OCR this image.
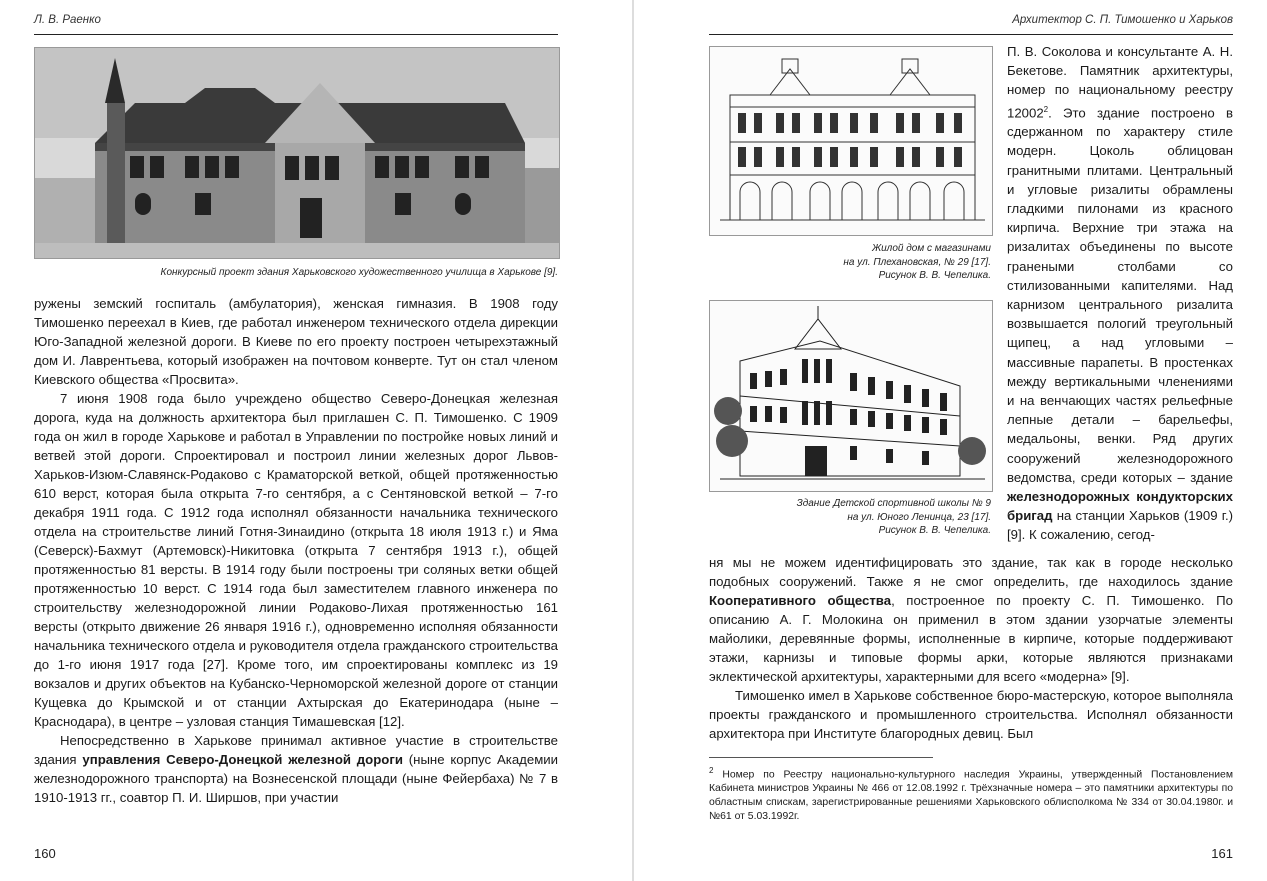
Л. В. Раенко
Конкурсный проект здания Харьковского художественного училища в Харькове [9].

ружены земский госпиталь (амбулатория), женская гимназия. В 1908 году Тимошенко переехал в Киев, где работал инженером технического отдела дирекции Юго-Западной железной дороги. В Киеве по его проекту построен четырехэтажный дом И. Лаврентьева, который изображен на почтовом конверте. Тут он стал членом Киевского общества «Просвита».

7 июня 1908 года было учреждено общество Северо-Донецкая железная дорога, куда на должность архитектора был приглашен С. П. Тимошенко. С 1909 года он жил в городе Харькове и работал в Управлении по постройке новых линий и ветвей этой дороги. Спроектировал и построил линии железных дорог Львов-Харьков-Изюм-Славянск-Родаково с Краматорской веткой, общей протяженностью 610 верст, которая была открыта 7-го сентября, а с Сентяновской веткой – 7-го декабря 1911 года. С 1912 года исполнял обязанности начальника технического отдела на строительстве линий Готня-Зинаидино (открыта 18 июля 1913 г.) и Яма (Северск)-Бахмут (Артемовск)-Никитовка (открыта 7 сентября 1913 г.), общей протяженностью 81 версты. В 1914 году были построены три соляных ветки общей протяженностью 10 верст. С 1914 года был заместителем главного инженера по строительству железнодорожной линии Родаково-Лихая протяженностью 161 версты (открыто движение 26 января 1916 г.), одновременно исполняя обязанности начальника технического отдела и руководителя отдела гражданского строительства до 1-го июня 1917 года [27]. Кроме того, им спроектированы комплекс из 19 вокзалов и других объектов на Кубанско-Черноморской железной дороге от станции Кущевка до Крымской и от станции Ахтырская до Екатеринодара (ныне – Краснодара), в центре – узловая станция Тимашевская [12].

Непосредственно в Харькове принимал активное участие в строительстве здания управления Северо-Донецкой железной дороги (ныне корпус Академии железнодорожного транспорта) на Вознесенской площади (ныне Фейербаха) № 7 в 1910-1913 гг., соавтор П. И. Ширшов, при участии

160
Архитектор С. П. Тимошенко и Харьков
Жилой дом с магазинами
на ул. Плехановская, № 29 [17].
Рисунок В. В. Чепелика.
Здание Детской спортивной школы № 9
на ул. Юного Ленинца, 23 [17].
Рисунок В. В. Чепелика.

П. В. Соколова и консультанте А. Н. Бекетове. Памятник архитектуры, номер по национальному реестру 12002$^2$. Это здание построено в сдержанном по характеру стиле модерн. Цоколь облицован гранитными плитами. Центральный и угловые ризалиты обрамлены гладкими пилонами из красного кирпича. Верхние три этажа на ризалитах объединены по высоте гранеными столбами со стилизованными капителями. Над карнизом центрального ризалита возвышается пологий треугольный щипец, а над угловыми – массивные парапеты. В простенках между вертикальными членениями и на венчающих частях рельефные лепные детали – барельефы, медальоны, венки. Ряд других сооружений железнодорожного ведомства, среди которых – здание железнодорожных кондукторских бригад на станции Харьков (1909 г.) [9]. К сожалению, сегод-

ня мы не можем идентифицировать это здание, так как в городе несколько подобных сооружений. Также я не смог определить, где находилось здание Кооперативного общества, построенное по проекту С. П. Тимошенко. По описанию А. Г. Молокина он применил в этом здании узорчатые элементы майолики, деревянные формы, исполненные в кирпиче, которые поддерживают этажи, карнизы и типовые формы арки, которые являются признаками эклектической архитектуры, характерными для всего «модерна» [9].

Тимошенко имел в Харькове собственное бюро-мастерскую, которое выполняла проекты гражданского и промышленного строительства. Исполнял обязанности архитектора при Институте благородных девиц. Был

$^2$ Номер по Реестру национально-культурного наследия Украины, утвержденный Постановлением Кабинета министров Украины № 466 от 12.08.1992 г. Трёхзначные номера – это памятники архитектуры по областным спискам, зарегистрированные решениями Харьковского облисполкома № 334 от 30.04.1980г. и №61 от 5.03.1992г.
161
